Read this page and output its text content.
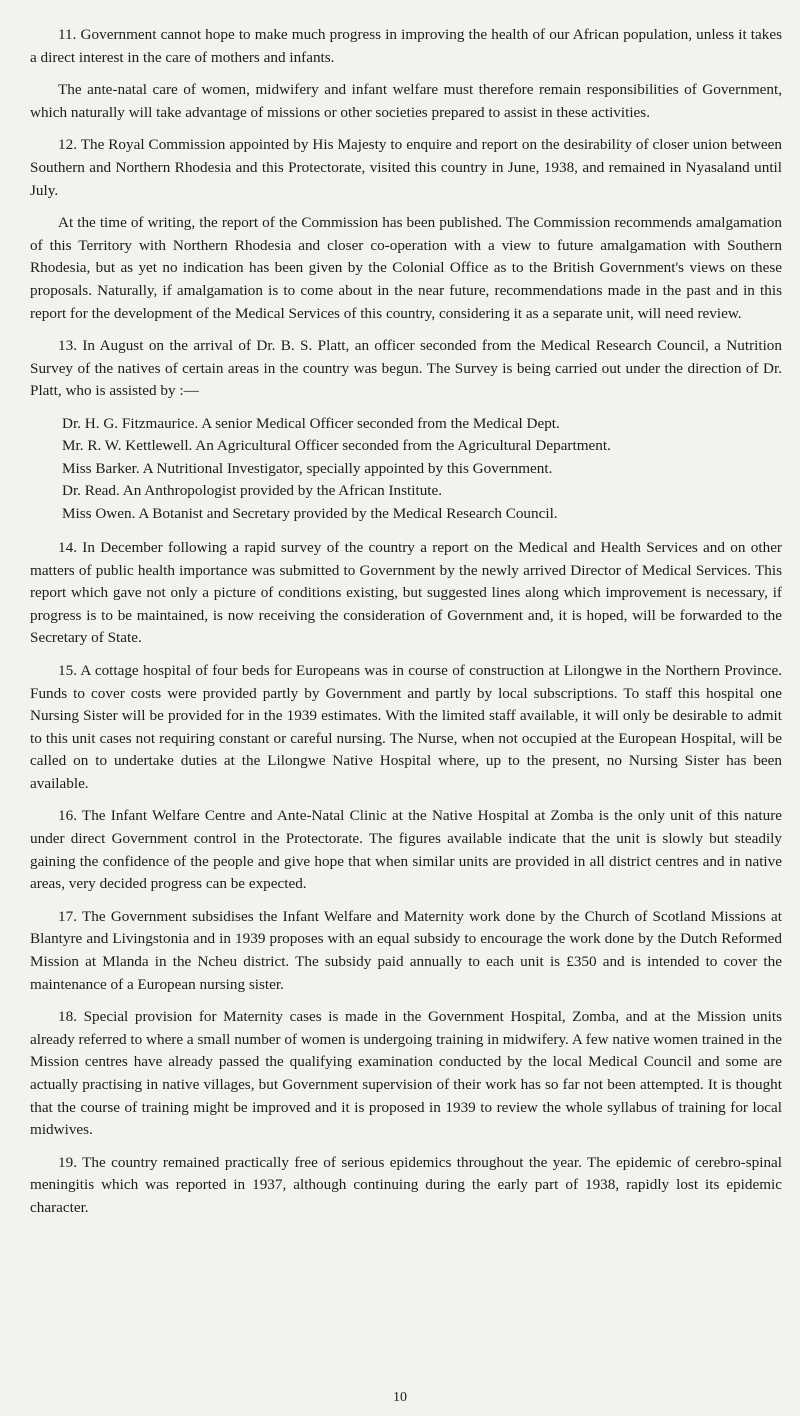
11. Government cannot hope to make much progress in improving the health of our African population, unless it takes a direct interest in the care of mothers and infants.

The ante-natal care of women, midwifery and infant welfare must therefore remain responsibilities of Government, which naturally will take advantage of missions or other societies prepared to assist in these activities.

12. The Royal Commission appointed by His Majesty to enquire and report on the desirability of closer union between Southern and Northern Rhodesia and this Protectorate, visited this country in June, 1938, and remained in Nyasaland until July.

At the time of writing, the report of the Commission has been published. The Commission recommends amalgamation of this Territory with Northern Rhodesia and closer co-operation with a view to future amalgamation with Southern Rhodesia, but as yet no indication has been given by the Colonial Office as to the British Government's views on these proposals. Naturally, if amalgamation is to come about in the near future, recommendations made in the past and in this report for the development of the Medical Services of this country, considering it as a separate unit, will need review.

13. In August on the arrival of Dr. B. S. Platt, an officer seconded from the Medical Research Council, a Nutrition Survey of the natives of certain areas in the country was begun. The Survey is being carried out under the direction of Dr. Platt, who is assisted by :—

Dr. H. G. Fitzmaurice. A senior Medical Officer seconded from the Medical Dept.

Mr. R. W. Kettlewell. An Agricultural Officer seconded from the Agricultural Department.

Miss Barker. A Nutritional Investigator, specially appointed by this Government.

Dr. Read. An Anthropologist provided by the African Institute.

Miss Owen. A Botanist and Secretary provided by the Medical Research Council.

14. In December following a rapid survey of the country a report on the Medical and Health Services and on other matters of public health importance was submitted to Government by the newly arrived Director of Medical Services. This report which gave not only a picture of conditions existing, but suggested lines along which improvement is necessary, if progress is to be maintained, is now receiving the consideration of Government and, it is hoped, will be forwarded to the Secretary of State.

15. A cottage hospital of four beds for Europeans was in course of construction at Lilongwe in the Northern Province. Funds to cover costs were provided partly by Government and partly by local subscriptions. To staff this hospital one Nursing Sister will be provided for in the 1939 estimates. With the limited staff available, it will only be desirable to admit to this unit cases not requiring constant or careful nursing. The Nurse, when not occupied at the European Hospital, will be called on to undertake duties at the Lilongwe Native Hospital where, up to the present, no Nursing Sister has been available.

16. The Infant Welfare Centre and Ante-Natal Clinic at the Native Hospital at Zomba is the only unit of this nature under direct Government control in the Protectorate. The figures available indicate that the unit is slowly but steadily gaining the confidence of the people and give hope that when similar units are provided in all district centres and in native areas, very decided progress can be expected.

17. The Government subsidises the Infant Welfare and Maternity work done by the Church of Scotland Missions at Blantyre and Livingstonia and in 1939 proposes with an equal subsidy to encourage the work done by the Dutch Reformed Mission at Mlanda in the Ncheu district. The subsidy paid annually to each unit is £350 and is intended to cover the maintenance of a European nursing sister.

18. Special provision for Maternity cases is made in the Government Hospital, Zomba, and at the Mission units already referred to where a small number of women is undergoing training in midwifery. A few native women trained in the Mission centres have already passed the qualifying examination conducted by the local Medical Council and some are actually practising in native villages, but Government supervision of their work has so far not been attempted. It is thought that the course of training might be improved and it is proposed in 1939 to review the whole syllabus of training for local midwives.

19. The country remained practically free of serious epidemics throughout the year. The epidemic of cerebro-spinal meningitis which was reported in 1937, although continuing during the early part of 1938, rapidly lost its epidemic character.

10
